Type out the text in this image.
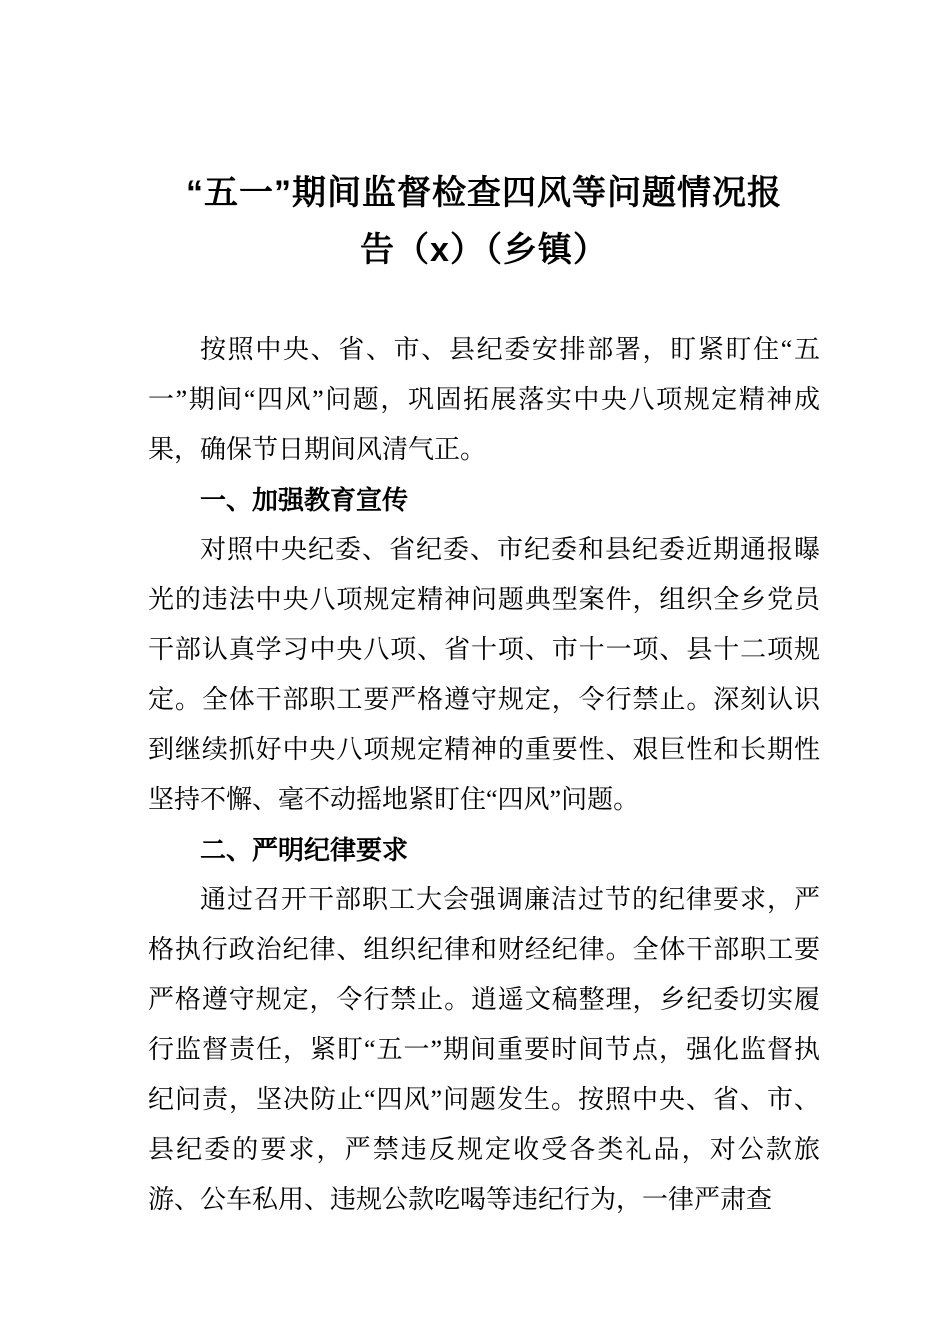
“五一”期间监督检查四风等问题情况报
告（x）（乡镇）

按照中央、省、市、县纪委安排部署，盯紧盯住“五一”期间“四风”问题，巩固拓展落实中央八项规定精神成果，确保节日期间风清气正。

一、加强教育宣传

对照中央纪委、省纪委、市纪委和县纪委近期通报曝光的违法中央八项规定精神问题典型案件，组织全乡党员干部认真学习中央八项、省十项、市十一项、县十二项规定。全体干部职工要严格遵守规定，令行禁止。深刻认识到继续抓好中央八项规定精神的重要性、艰巨性和长期性坚持不懈、毫不动摇地紧盯住“四风”问题。

二、严明纪律要求

通过召开干部职工大会强调廉洁过节的纪律要求，严格执行政治纪律、组织纪律和财经纪律。全体干部职工要严格遵守规定，令行禁止。逍遥文稿整理，乡纪委切实履行监督责任，紧盯“五一”期间重要时间节点，强化监督执纪问责，坚决防止“四风”问题发生。按照中央、省、市、县纪委的要求，严禁违反规定收受各类礼品，对公款旅游、公车私用、违规公款吃喝等违纪行为，一律严肃查
